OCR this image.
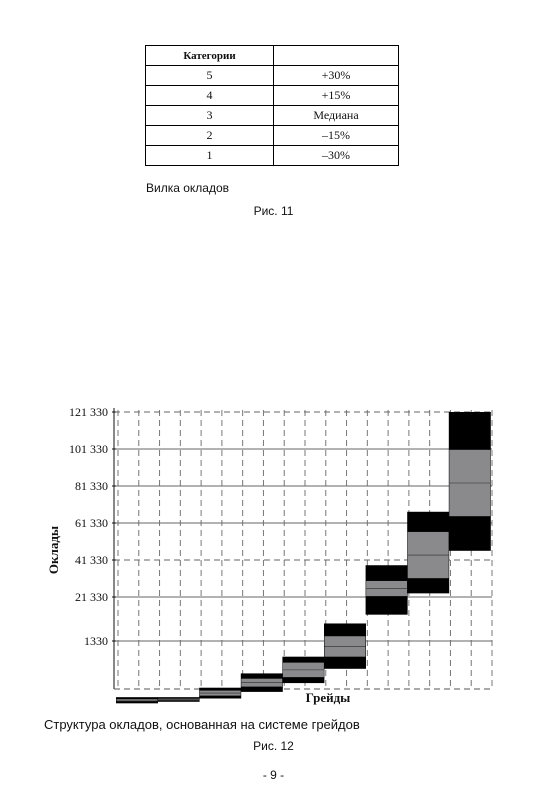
Категории	
5	+30%
4	+15%
3	Медиана
2	–15%
1	–30%
Вилка окладов
Рис. 11
121 330
101 330
81 330
61 330
41 330
21 330
1330
Оклады
Грейды
Структура окладов, основанная на системе грейдов
Рис. 12
- 9 -
